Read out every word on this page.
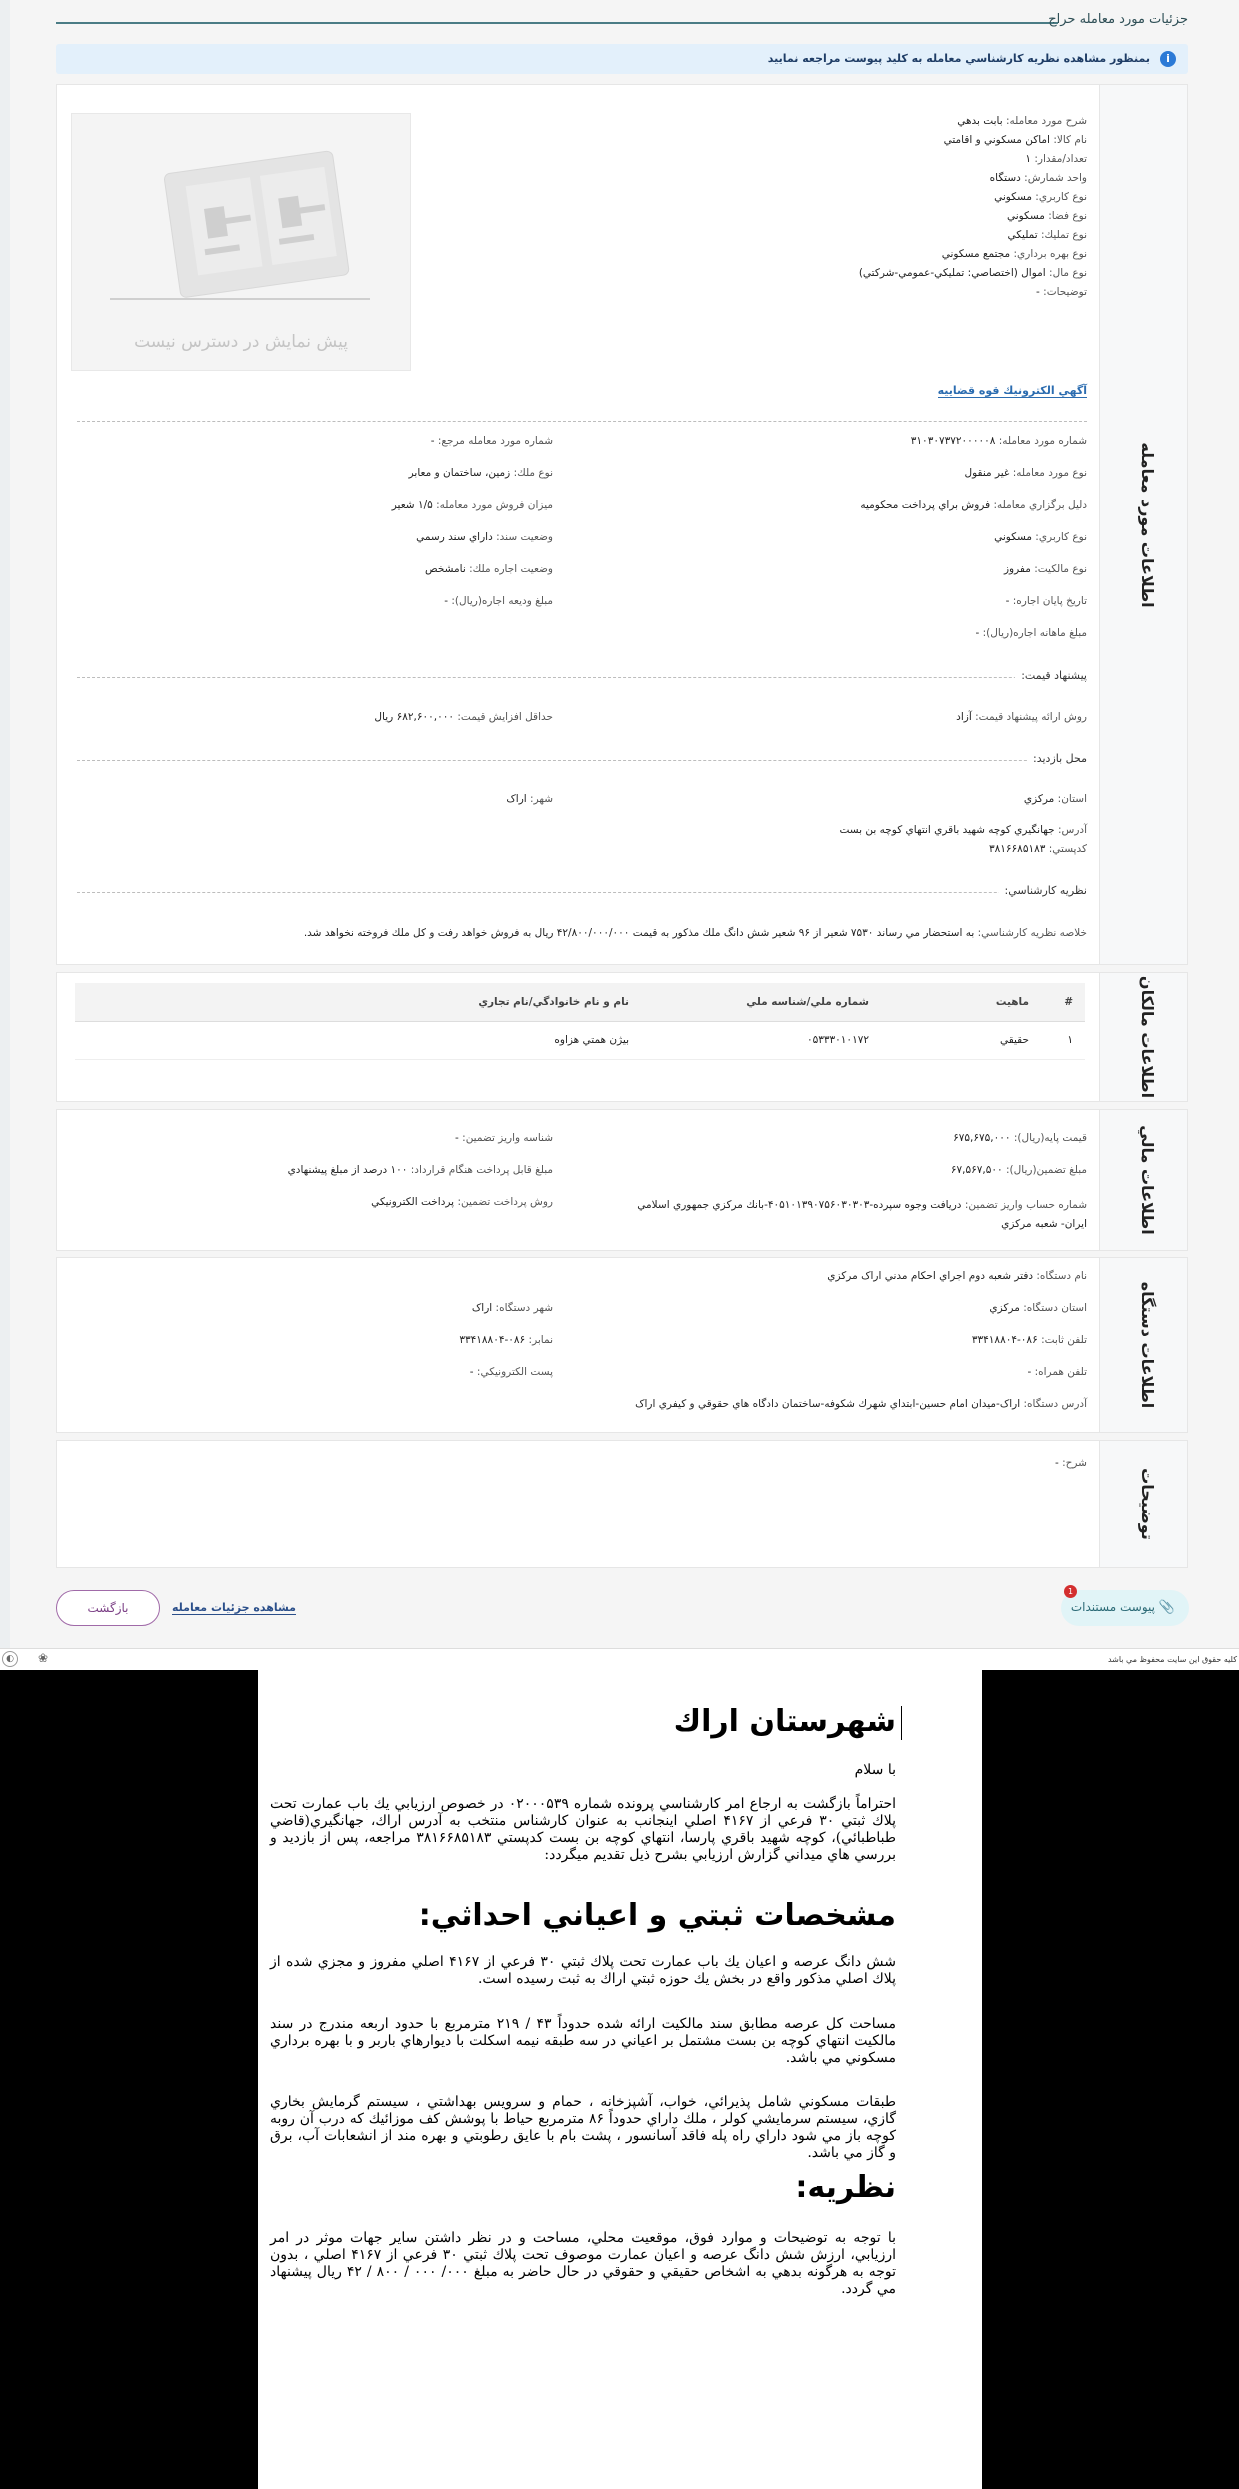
جزئيات مورد معامله حراج
i
بمنظور مشاهده نظريه كارشناسي معامله به كليد پيوست مراجعه نماييد
اطلاعات مورد معامله
شرح مورد معامله: بابت بدهي
نام کالا: اماكن مسكوني و اقامتي
تعداد/مقدار: ۱
واحد شمارش: دستگاه
نوع كاربري: مسكوني
نوع فضا: مسكوني
نوع تمليك: تمليكي
نوع بهره برداري: مجتمع مسكوني
نوع مال: اموال (اختصاصي: تمليكي-عمومي-شركتي)
توضيحات: -
پیش نمایش در دسترس نیست
آگهي الكترونيك قوه قضاييه
شماره مورد معامله: ۳۱۰۳۰۷۳۷۲۰۰۰۰۰۸
نوع مورد معامله: غير منقول
دليل برگزاري معامله: فروش براي پرداخت محكوميه
نوع كاربري: مسكوني
نوع مالكيت: مفروز
تاريخ پايان اجاره: -
مبلغ ماهانه اجاره(ريال): -
شماره مورد معامله مرجع: -
نوع ملك: زمين، ساختمان و معابر
ميزان فروش مورد معامله: ۱/۵ شعير
وضعيت سند: داراي سند رسمي
وضعيت اجاره ملك: نامشخص
مبلغ وديعه اجاره(ريال): -
پيشنهاد قيمت:
روش ارائه پيشنهاد قيمت: آزاد
حداقل افزايش قيمت: ۶۸۲,۶۰۰,۰۰۰ ريال
محل بازديد:
استان: مركزي
شهر: اراک
آدرس: جهانگيري كوچه شهيد باقري انتهاي كوچه بن بست
كدپستي: ۳۸۱۶۶۸۵۱۸۳
نظريه كارشناسي:
خلاصه نظريه كارشناسي: به استحضار مي رساند ۷۵۳۰ شعير از ۹۶ شعير شش دانگ ملك مذكور به قيمت ۴۲/۸۰۰/۰۰۰/۰۰۰ ريال به فروش خواهد رفت و كل ملك فروخته نخواهد شد.
اطلاعات مالكان
#	ماهيت	شماره ملي/شناسه ملي	نام و نام خانوادگي/نام تجاري
۱	حقيقي	۰۵۳۳۳۰۱۰۱۷۲	بيژن همتي هزاوه
اطلاعات مالي
قيمت پايه(ريال): ۶۷۵,۶۷۵,۰۰۰
شناسه واريز تضمين: -
مبلغ تضمين(ريال): ۶۷,۵۶۷,۵۰۰
مبلغ قابل پرداخت هنگام قرارداد: ۱۰۰ درصد از مبلغ پيشنهادي
شماره حساب واريز تضمين: دريافت وجوه سپرده-۴۰۵۱۰۱۳۹۰۷۵۶۰۳۰۳۰۳-بانك مركزي جمهوري اسلامي ايران- شعبه مركزي
روش پرداخت تضمين: پرداخت الكترونيكي
اطلاعات دستگاه
نام دستگاه: دفتر شعبه دوم اجراي احكام مدني اراک مركزي
استان دستگاه: مركزي
شهر دستگاه: اراک
تلفن ثابت: ۰۸۶-۳۳۴۱۸۸۰۴
نمابر: ۰۸۶-۳۳۴۱۸۸۰۴
تلفن همراه: -
پست الكترونيكي: -
آدرس دستگاه: اراک-ميدان امام حسين-ابتداي شهرك شكوفه-ساختمان دادگاه هاي حقوقي و كيفري اراک
توضيحات
شرح: -
📎
پیوست مستندات
1
مشاهده جزئيات معامله
بازگشت
كليه حقوق اين سايت محفوظ مي باشد
◐	❀
شهرستان اراك

با سلام

احتراماً بازگشت به ارجاع امر كارشناسي پرونده شماره ۰۲۰۰۰۵۳۹ در خصوص ارزيابي يك باب عمارت تحت پلاك ثبتي ۳۰ فرعي از ۴۱۶۷ اصلي اينجانب به عنوان كارشناس منتخب به آدرس اراك، جهانگيري(قاضي طباطبائي)، كوچه شهيد باقري پارسا، انتهاي كوچه بن بست كدپستي ۳۸۱۶۶۸۵۱۸۳ مراجعه، پس از بازديد و بررسي هاي ميداني گزارش ارزيابي بشرح ذيل تقديم ميگردد:

مشخصات ثبتي و اعياني احداثي:

شش دانگ عرصه و اعيان يك باب عمارت تحت پلاك ثبتي ۳۰ فرعي از ۴۱۶۷ اصلي مفروز و مجزي شده از پلاك اصلي مذكور واقع در بخش يك حوزه ثبتي اراك به ثبت رسيده است.

مساحت كل عرصه مطابق سند مالكيت ارائه شده حدوداً ۴۳ / ۲۱۹ مترمربع با حدود اربعه مندرج در سند مالكيت انتهاي كوچه بن بست مشتمل بر اعياني در سه طبقه نيمه اسكلت با ديوارهاي باربر و با بهره برداري مسكوني مي باشد.

طبقات مسكوني شامل پذيرائي، خواب، آشپزخانه ، حمام و سرويس بهداشتي ، سيستم گرمايش بخاري گازي، سيستم سرمايشي كولر ، ملك داراي حدوداً ۸۶ مترمربع حياط با پوشش كف موزائيك كه درب آن روبه كوچه باز مي شود داراي راه پله فاقد آسانسور ، پشت بام با عايق رطوبتي و بهره مند از انشعابات آب، برق و گاز مي باشد.

نظريه:

با توجه به توضيحات و موارد فوق، موقعيت محلي، مساحت و در نظر داشتن ساير جهات موثر در امر ارزيابي، ارزش شش دانگ عرصه و اعيان عمارت موصوف تحت پلاك ثبتي ۳۰ فرعي از ۴۱۶۷ اصلي ، بدون توجه به هرگونه بدهي به اشخاص حقيقي و حقوقي در حال حاضر به مبلغ ۰۰۰/ ۰۰۰ / ۸۰۰ / ۴۲ ريال پيشنهاد مي گردد.
